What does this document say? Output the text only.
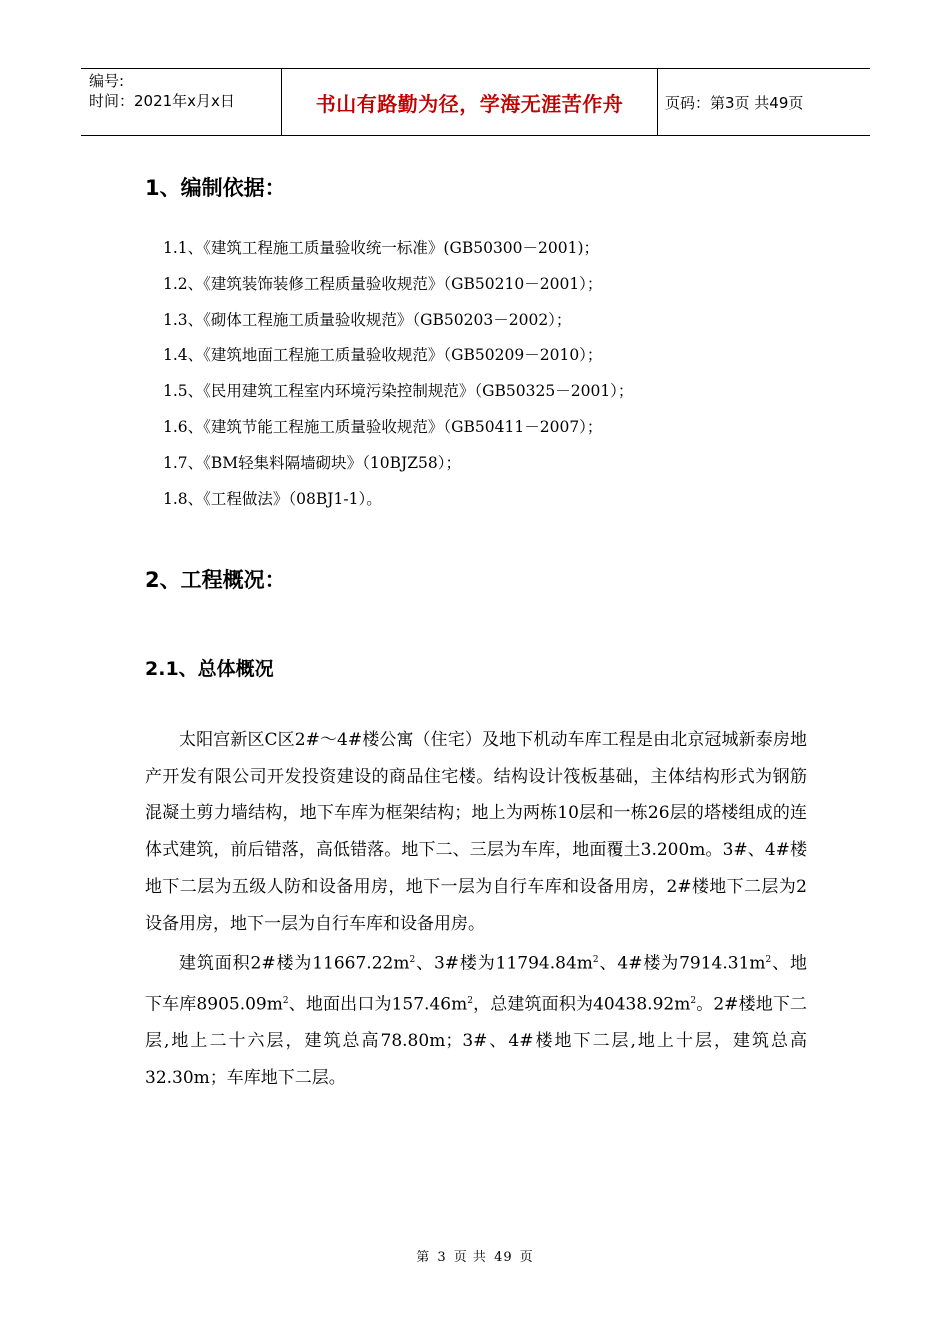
编号:
时间：2021年x月x日	书山有路勤为径，学海无涯苦作舟	页码：第3页 共49页
1、编制依据：
1.1、《建筑工程施工质量验收统一标准》(GB50300－2001)；
1.2、《建筑装饰装修工程质量验收规范》（GB50210－2001）；
1.3、《砌体工程施工质量验收规范》（GB50203－2002）；
1.4、《建筑地面工程施工质量验收规范》（GB50209－2010）；
1.5、《民用建筑工程室内环境污染控制规范》（GB50325－2001）；
1.6、《建筑节能工程施工质量验收规范》（GB50411－2007）；
1.7、《BM轻集料隔墙砌块》（10BJZ58）；
1.8、《工程做法》（08BJ1-1）。
2、工程概况：
2.1、总体概况

太阳宫新区C区2#～4#楼公寓（住宅）及地下机动车库工程是由北京冠城新泰房地产开发有限公司开发投资建设的商品住宅楼。结构设计筏板基础，主体结构形式为钢筋混凝土剪力墙结构，地下车库为框架结构；地上为两栋10层和一栋26层的塔楼组成的连体式建筑，前后错落，高低错落。地下二、三层为车库，地面覆土3.200m。3#、4#楼地下二层为五级人防和设备用房，地下一层为自行车库和设备用房，2#楼地下二层为2设备用房，地下一层为自行车库和设备用房。

建筑面积2#楼为$11667.22m^2$、3#楼为$11794.84m^2$、4#楼为$7914.31m^2$、地下车库$8905.09m^2$、地面出口为$157.46m^2$，总建筑面积为$40438.92m^2$。2#楼地下二层,地上二十六层，建筑总高78.80m；3#、4#楼地下二层,地上十层，建筑总高32.30m；车库地下二层。

第 3 页 共 49 页
